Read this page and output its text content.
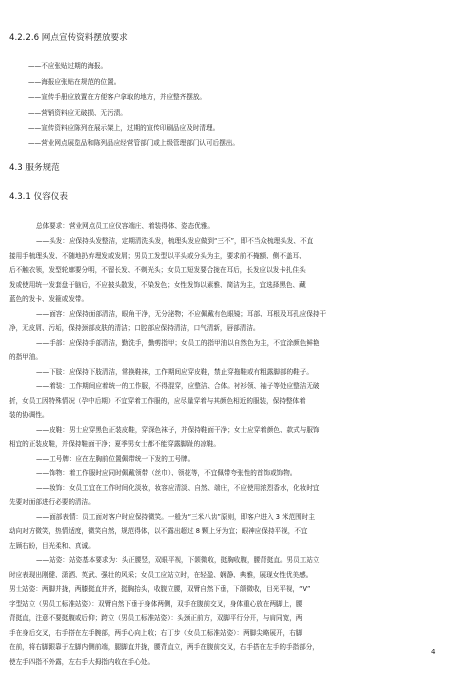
4.2.2.6 网点宣传资料摆放要求
——不应张贴过期的海报。
——海报应张贴在规范的位置。
——宣传手册应放置在方便客户拿取的地方，并应整齐摆放。
——营销资料应无破损、无污渍。
——宣传资料应陈列在展示架上，过期的宣传印刷品应及时清理。
——营业网点展览品和陈列品应经营管部门或上级管理部门认可后摆出。
4.3 服务规范
4.3.1 仪容仪表
总体要求：营业网点员工应仪容端庄、着装得体、姿态优雅。
——头发：应保持头发整洁，定期清洗头发，梳理头发应做到“三不”，即不当众梳理头发、不直
接用手梳理头发、不随地扔弃理发或发屑；男员工发型以平头或分头为主，要求前不掩额、侧不盖耳、
后不触衣领，发型轮廓要分明，不留长发、不剃光头；女员工短发要合拢在耳后，长发应以发卡扎住头
发或使用统一发套盘于脑后，不应披头散发，不染发色；女性发饰以素雅、简洁为主，宜选择黑色、藏
蓝色的发卡、发箍或发带。
——面容：应保持面部清洁，眼角干净，无分泌物；不应佩戴有色眼镜；耳部、耳根及耳孔应保持干
净，无皮屑、污垢，保持颈部皮肤的清洁；口腔部应保持清洁，口气清新，唇部清洁。
——手部：应保持手部清洁，勤洗手，勤剪指甲；女员工的指甲油以自然色为主，不宜涂颜色鲜艳
的指甲油。
——下肢：应保持下肢清洁，常换鞋袜，工作期间应穿皮鞋，禁止穿拖鞋或有粗露脚部的鞋子。
——着装：工作期间应着统一的工作服，不得混穿，应整洁、合体。衬衫领、袖子等处应整洁无破
折，女员工因特殊情况（孕中后期）不宜穿着工作服的，应尽量穿着与其颜色相近的服装，保持整体着
装的协调性。
——皮鞋：男士应穿黑色正装皮鞋，穿深色袜子，并保持鞋面干净；女士应穿着颜色、款式与服饰
相宜的正装皮鞋，并保持鞋面干净；夏季男女士都不能穿露脚趾的凉鞋。
——工号牌：应在左胸前位置佩带统一下发的工号牌。
——饰物：着工作服时应同时佩戴领带（丝巾）、领花等，不宜佩带夸张性的首饰或饰物。
——妆饰：女员工宜在工作时间化淡妆，妆容应清淡、自然、端庄，不应使用浓烈香水，化妆时宜
先要对面部进行必要的清洁。
——面部表情：员工面对客户时应保持微笑。一般为“三米八齿”原则，即客户进入 3 米范围时主
动向对方微笑，热情适度，微笑自然，规范得体，以不露出超过 8 颗上牙为宜；眼神应保持平视，不宜
左顾右盼，目光柔和、真诚。
——站姿：站姿基本要求为：头正腰竖，双眼平视，下颌微收，挺胸收腹，腰背挺直。男员工站立
时应表现出刚健、潇洒、英武、强壮的风采；女员工应站立时，在轻盈、娴静、典雅，展现女性优美感。
男士站姿：两脚并拢，两膝挺直并齐，挺胸抬头，收腹立腰，双臂自然下垂，下颌微收，目光平视，“V”
字型站立（男员工标准站姿）：双臂自然下垂于身体两侧，双手在腹前交叉，身体重心放在两脚上，腰
背挺直，注意不要挺腹或后仰；跨立（男员工标准站姿）：头颈正前方，双脚平行分开，与肩同宽，两
手在身后交叉，右手搭在左手腕部，两手心向上收；右丁步（女员工标准站姿）：两脚尖略展开，右脚
在前，将右脚跟靠于左脚内侧前端，腿脚直并拢，腰背直立，两手在腹前交叉，右手搭在左手的手指部分，
使左手四指不外露，左右手大拇指内收在手心处。
4
